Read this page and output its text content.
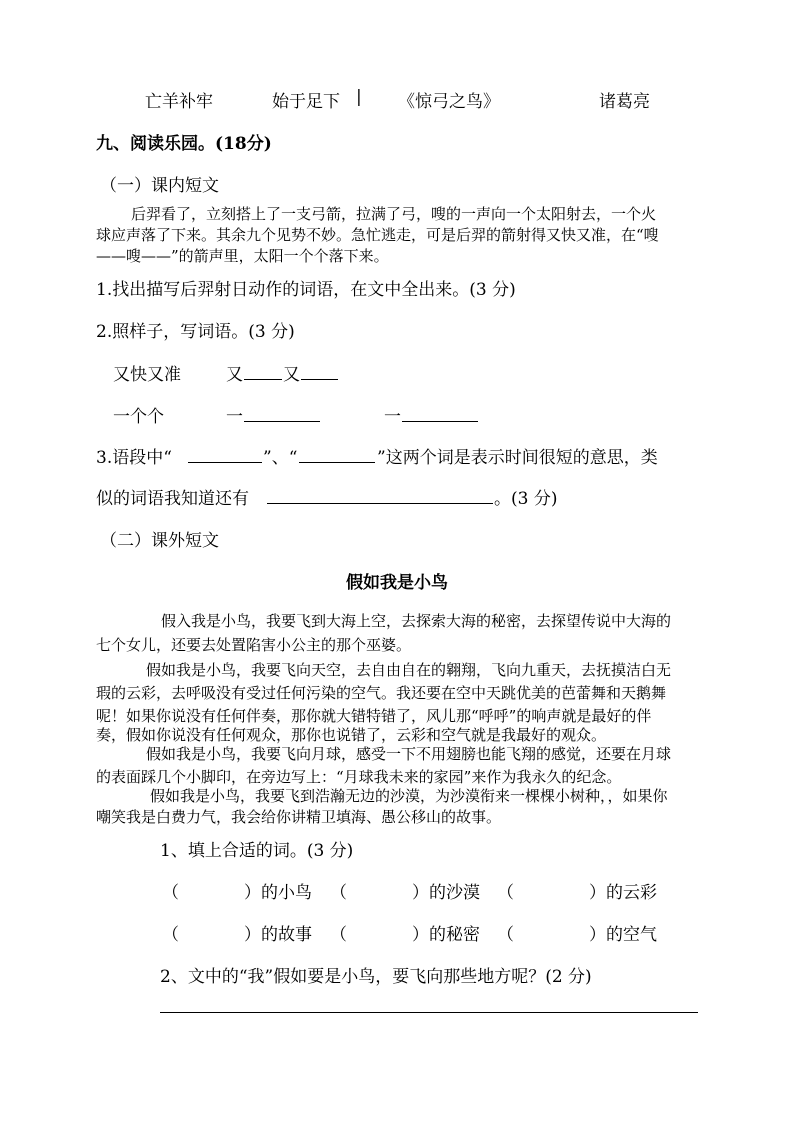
亡羊补牢	始于足下 | 《惊弓之鸟》	诸葛亮
九、阅读乐园。(18分)
（一）课内短文
后羿看了，立刻搭上了一支弓箭，拉满了弓，嗖的一声向一个太阳射去，一个火
球应声落了下来。其余九个见势不妙。急忙逃走，可是后羿的箭射得又快又准，在“嗖
——嗖——”的箭声里，太阳一个个落下来。
1.找出描写后羿射日动作的词语，在文中全出来。(3 分)
2.照样子，写词语。(3 分)
又快又准	又 又
一个个	一	一
3.语段中“	”、“	”这两个词是表示时间很短的意思，类
似的词语我知道还有	。(3 分)
（二）课外短文
假如我是小鸟
假入我是小鸟，我要飞到大海上空，去探索大海的秘密，去探望传说中大海的
七个女儿，还要去处置陷害小公主的那个巫婆。
假如我是小鸟，我要飞向天空，去自由自在的翱翔，飞向九重天，去抚摸洁白无
瑕的云彩，去呼吸没有受过任何污染的空气。我还要在空中天跳优美的芭蕾舞和天鹅舞
呢！如果你说没有任何伴奏，那你就大错特错了，风儿那“呼呼”的响声就是最好的伴
奏，假如你说没有任何观众，那你也说错了，云彩和空气就是我最好的观众。
假如我是小鸟，我要飞向月球，感受一下不用翅膀也能飞翔的感觉，还要在月球
的表面踩几个小脚印，在旁边写上：“月球我未来的家园”来作为我永久的纪念。
假如我是小鸟，我要飞到浩瀚无边的沙漠，为沙漠衔来一棵棵小树种，，如果你
嘲笑我是白费力气，我会给你讲精卫填海、愚公移山的故事。
1、填上合适的词。(3 分)
（	）的小鸟 （	）的沙漠 （	）的云彩
（	）的故事 （	）的秘密 （	）的空气
2、文中的“我”假如要是小鸟，要飞向那些地方呢？(2 分)
